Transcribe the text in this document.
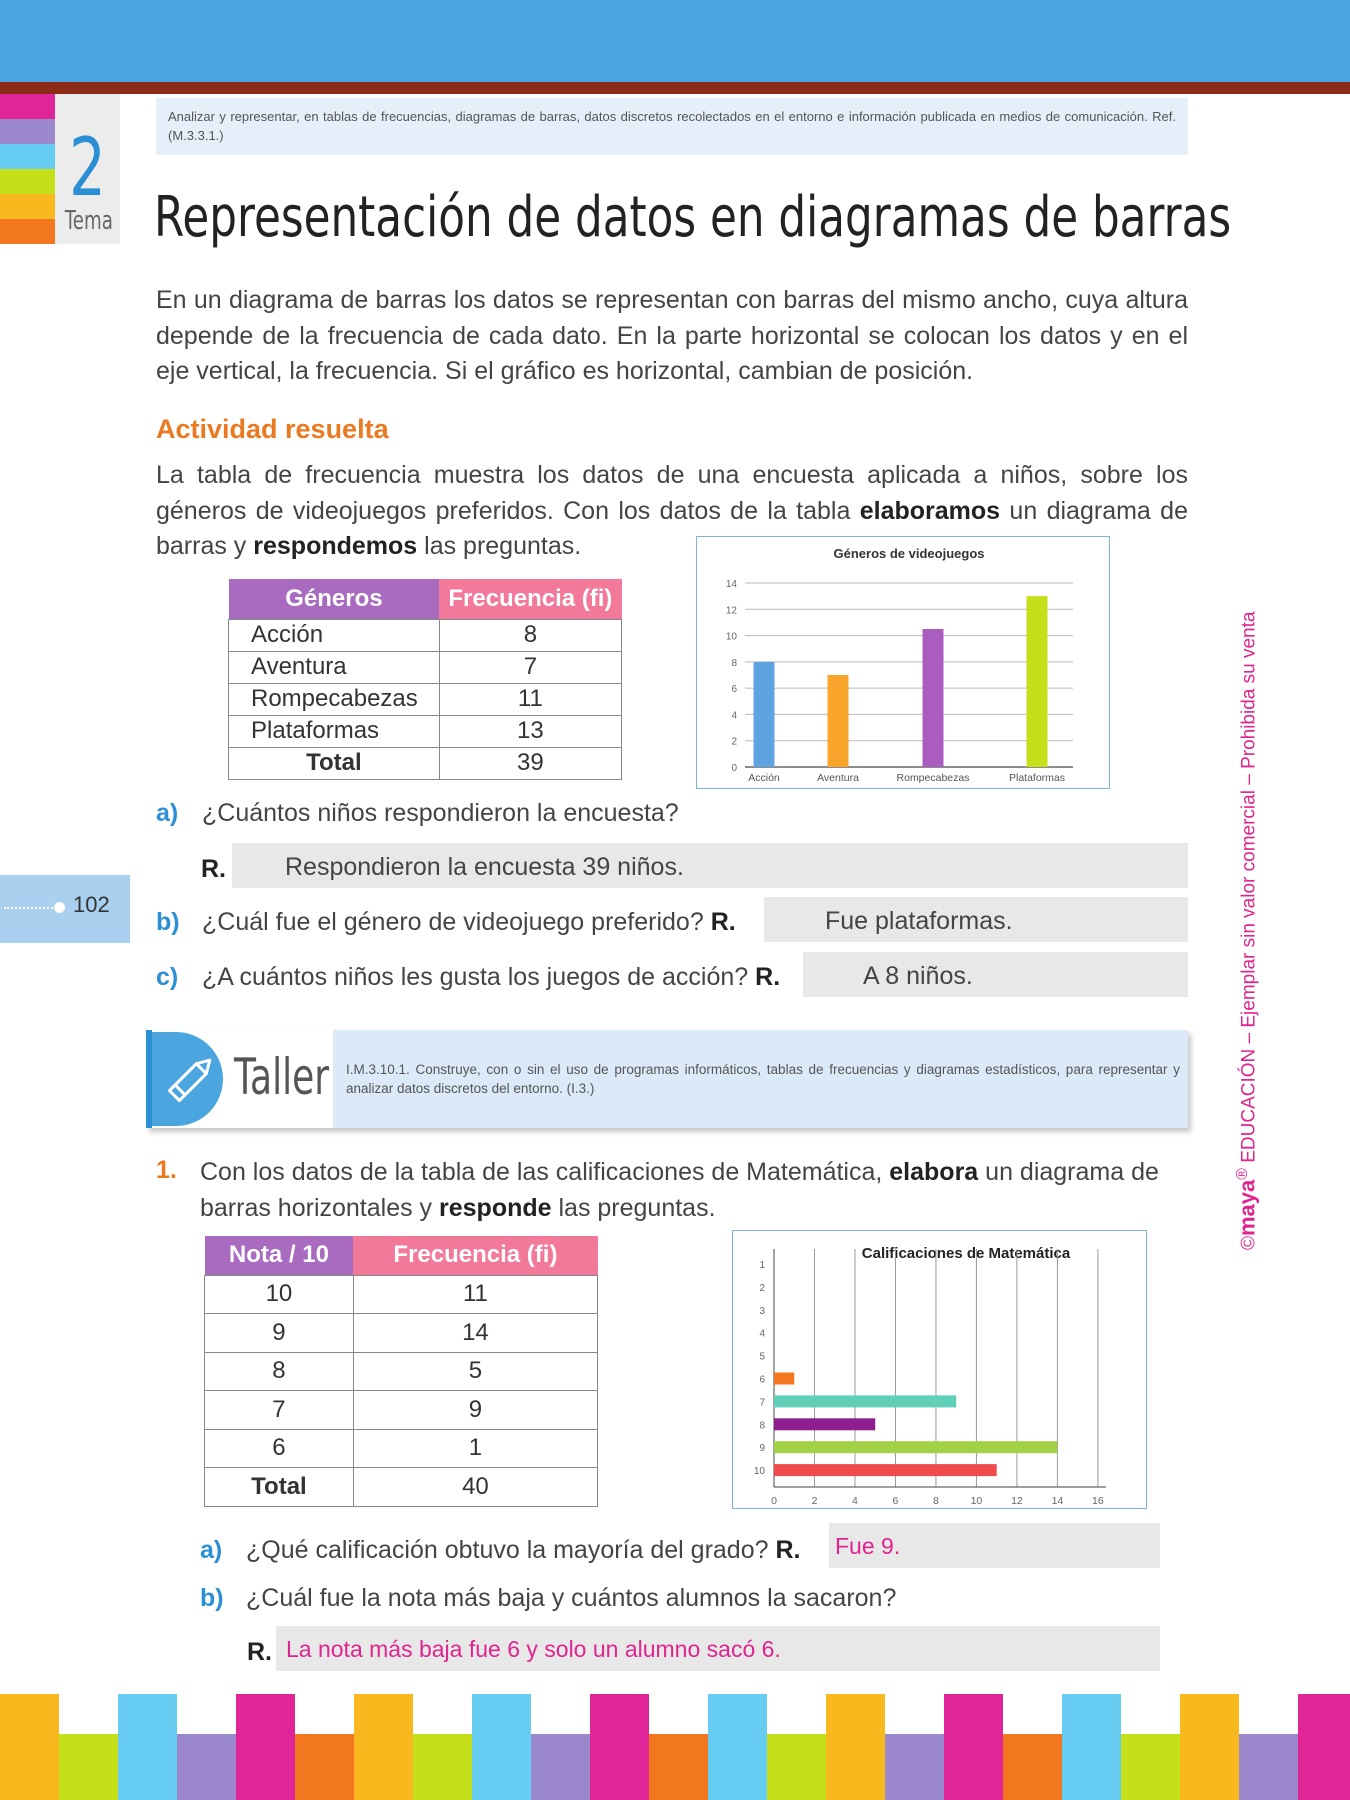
2
Tema
Analizar y representar, en tablas de frecuencias, diagramas de barras, datos discretos recolectados en el entorno e información publicada en medios de comunicación. Ref. (M.3.3.1.)
Representación de datos en diagramas de barras
En un diagrama de barras los datos se representan con barras del mismo ancho, cuya altura depende de la frecuencia de cada dato. En la parte horizontal se colocan los datos y en el eje vertical, la frecuencia. Si el gráfico es horizontal, cambian de posición.
Actividad resuelta
La tabla de frecuencia muestra los datos de una encuesta aplicada a niños, sobre los géneros de videojuegos preferidos. Con los datos de la tabla elaboramos un diagrama de barras y respondemos las preguntas.
Géneros	Frecuencia (fi)
Acción	8
Aventura	7
Rompecabezas	11
Plataformas	13
Total	39
Géneros de videojuegos
0
2
4
6
8
10
12
14
Acción	Aventura	Rompecabezas	Plataformas
a) ¿Cuántos niños respondieron la encuesta?
R.	Respondieron la encuesta 39 niños.
102
b) ¿Cuál fue el género de videojuego preferido? R.	Fue plataformas.
c) ¿A cuántos niños les gusta los juegos de acción? R.	A 8 niños.
Taller I.M.3.10.1. Construye, con o sin el uso de programas informáticos, tablas de frecuencias y diagramas estadísticos, para representar y analizar datos discretos del entorno. (I.3.)
1. Con los datos de la tabla de las calificaciones de Matemática, elabora un diagrama de barras horizontales y responde las preguntas.
Nota / 10	Frecuencia (fi)
10	11
9	14
8	5
7	9
6	1
Total	40
Calificaciones de Matemática
0	2	4	6	8	10	12	14	16
1
2
3
4
5
6
7
8
9
10
a) ¿Qué calificación obtuvo la mayoría del grado? R. Fue 9.
b) ¿Cuál fue la nota más baja y cuántos alumnos la sacaron?
R. La nota más baja fue 6 y solo un alumno sacó 6.
©maya® EDUCACIÓN – Ejemplar sin valor comercial – Prohibida su venta
